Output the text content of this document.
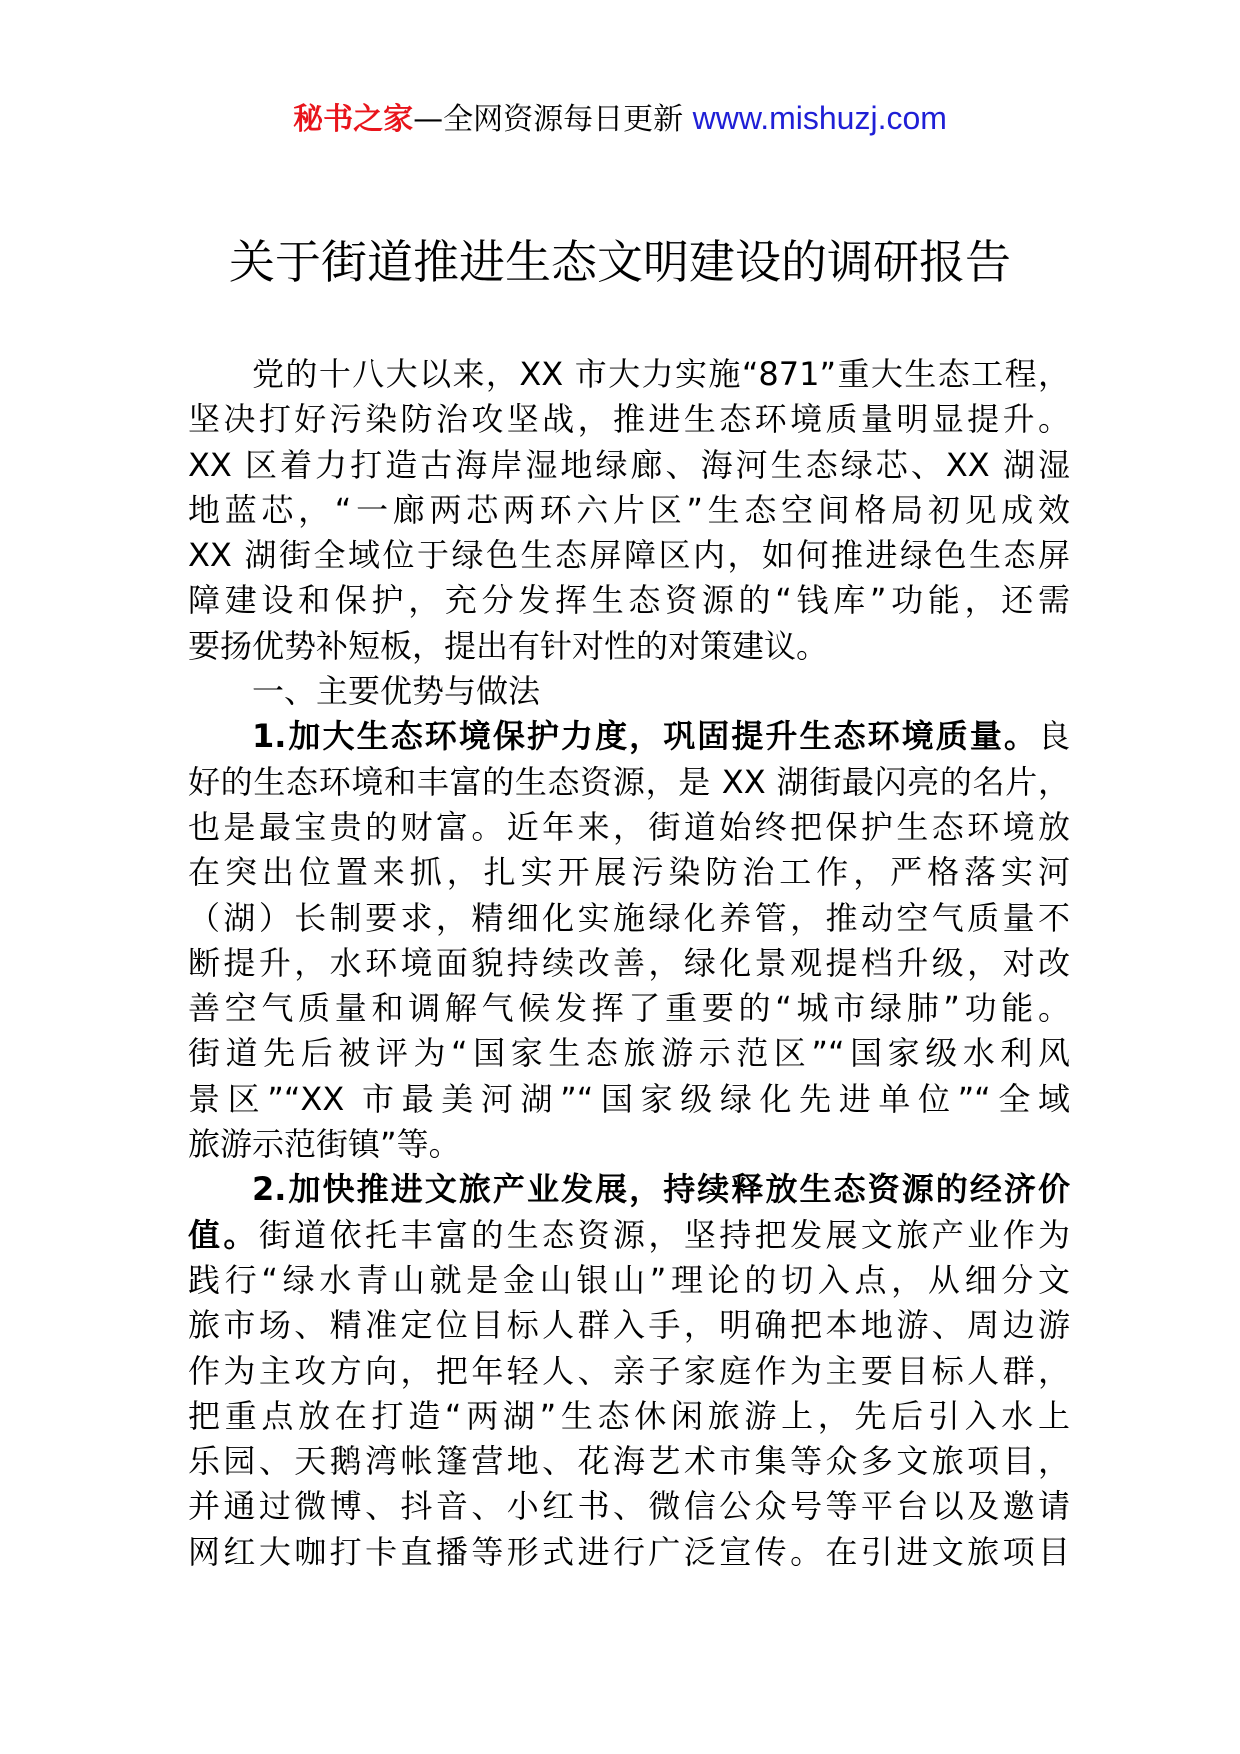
秘书之家—全网资源每日更新 www.mishuzj.com
关于街道推进生态文明建设的调研报告
党的十八大以来，XX 市大力实施“871”重大生态工程，
坚决打好污染防治攻坚战，推进生态环境质量明显提升。
XX 区着力打造古海岸湿地绿廊、海河生态绿芯、XX 湖湿
地蓝芯，“一廊两芯两环六片区”生态空间格局初见成效
XX 湖街全域位于绿色生态屏障区内，如何推进绿色生态屏
障建设和保护，充分发挥生态资源的“钱库”功能，还需
要扬优势补短板，提出有针对性的对策建议。
一、主要优势与做法
1.加大生态环境保护力度，巩固提升生态环境质量。良
好的生态环境和丰富的生态资源，是 XX 湖街最闪亮的名片，
也是最宝贵的财富。近年来，街道始终把保护生态环境放
在突出位置来抓，扎实开展污染防治工作，严格落实河
（湖）长制要求，精细化实施绿化养管，推动空气质量不
断提升，水环境面貌持续改善，绿化景观提档升级，对改
善空气质量和调解气候发挥了重要的“城市绿肺”功能。
街道先后被评为“国家生态旅游示范区”“国家级水利风
景区”“XX 市最美河湖”“国家级绿化先进单位”“全域
旅游示范街镇”等。
2.加快推进文旅产业发展，持续释放生态资源的经济价
值。街道依托丰富的生态资源，坚持把发展文旅产业作为
践行“绿水青山就是金山银山”理论的切入点，从细分文
旅市场、精准定位目标人群入手，明确把本地游、周边游
作为主攻方向，把年轻人、亲子家庭作为主要目标人群，
把重点放在打造“两湖”生态休闲旅游上，先后引入水上
乐园、天鹅湾帐篷营地、花海艺术市集等众多文旅项目，
并通过微博、抖音、小红书、微信公众号等平台以及邀请
网红大咖打卡直播等形式进行广泛宣传。在引进文旅项目
